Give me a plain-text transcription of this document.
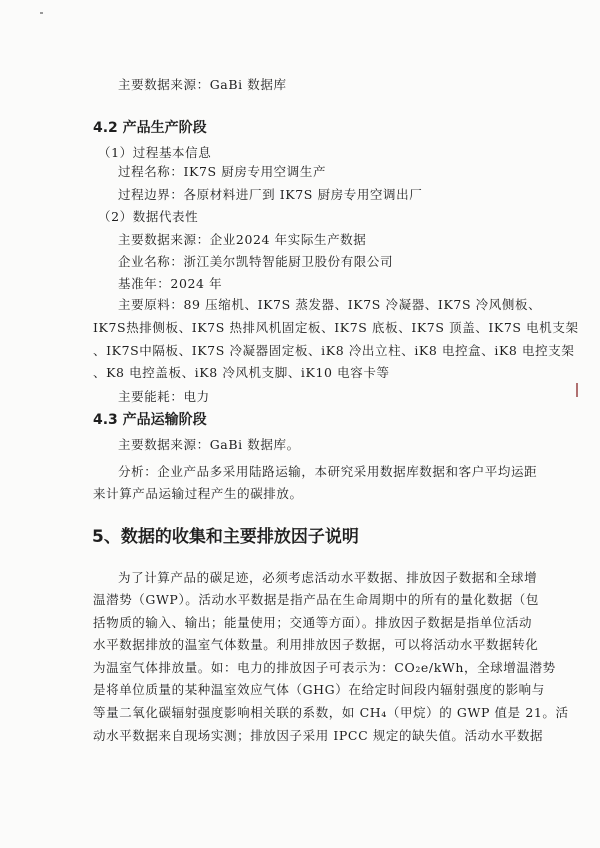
主要数据来源：GaBi 数据库
4.2 产品生产阶段
（1）过程基本信息
过程名称：IK7S 厨房专用空调生产
过程边界：各原材料进厂到 IK7S 厨房专用空调出厂
（2）数据代表性
主要数据来源：企业2024 年实际生产数据
企业名称：浙江美尔凯特智能厨卫股份有限公司
基准年：2024 年
主要原料：89 压缩机、IK7S 蒸发器、IK7S 冷凝器、IK7S 冷风侧板、
IK7S热排侧板、IK7S 热排风机固定板、IK7S 底板、IK7S 顶盖、IK7S 电机支架
、IK7S中隔板、IK7S 冷凝器固定板、iK8 冷出立柱、iK8 电控盒、iK8 电控支架
、K8 电控盖板、iK8 冷风机支脚、iK10 电容卡等
主要能耗：电力
4.3 产品运输阶段
主要数据来源：GaBi 数据库。
分析：企业产品多采用陆路运输，本研究采用数据库数据和客户平均运距
来计算产品运输过程产生的碳排放。
5、数据的收集和主要排放因子说明
为了计算产品的碳足迹，必须考虑活动水平数据、排放因子数据和全球增
温潜势（GWP）。活动水平数据是指产品在生命周期中的所有的量化数据（包
括物质的输入、输出；能量使用；交通等方面）。排放因子数据是指单位活动
水平数据排放的温室气体数量。利用排放因子数据，可以将活动水平数据转化
为温室气体排放量。如：电力的排放因子可表示为：CO₂e/kWh，全球增温潜势
是将单位质量的某种温室效应气体（GHG）在给定时间段内辐射强度的影响与
等量二氧化碳辐射强度影响相关联的系数，如 CH₄（甲烷）的 GWP 值是 21。活
动水平数据来自现场实测；排放因子采用 IPCC 规定的缺失值。活动水平数据
